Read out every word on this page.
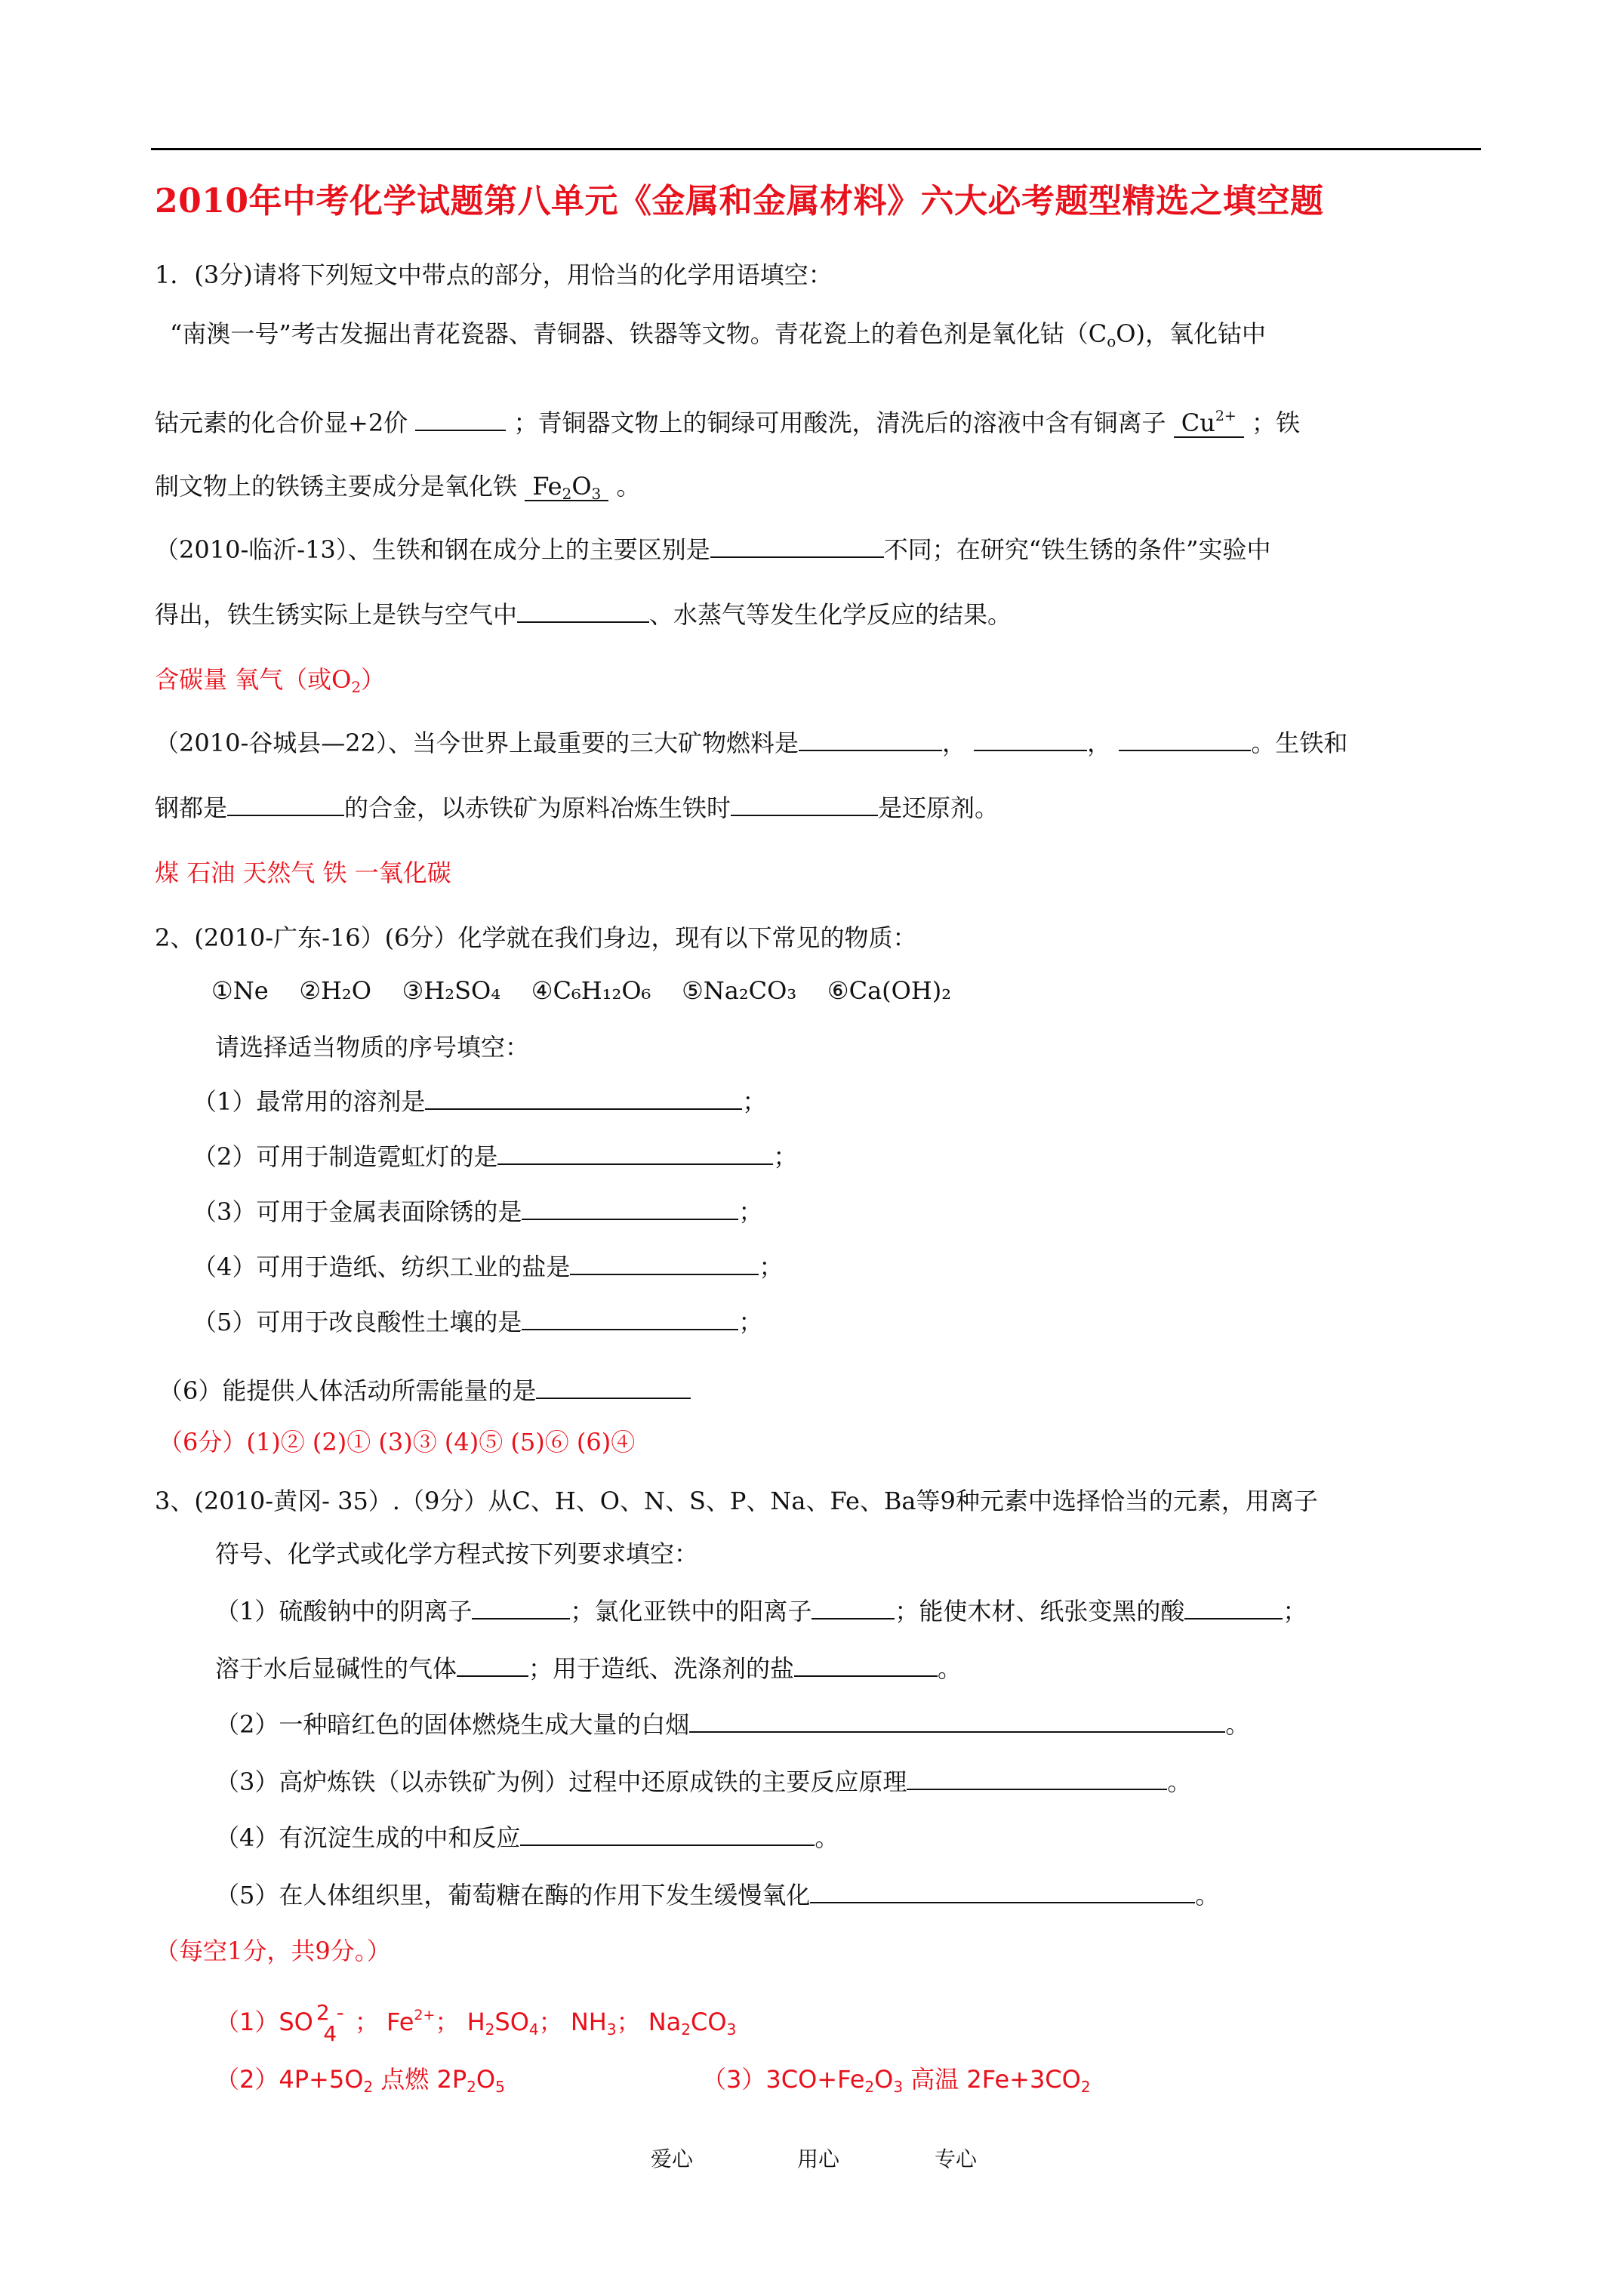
2010年中考化学试题第八单元《金属和金属材料》六大必考题型精选之填空题
1．(3分)请将下列短文中带点的部分，用恰当的化学用语填空：
“南澳一号”考古发掘出青花瓷器、青铜器、铁器等文物。青花瓷上的着色剂是氧化钴$(C_oO)$，氧化钴中
钴元素的化合价显+2价	；青铜器文物上的铜绿可用酸洗，清洗后的溶液中含有铜离子 $Cu^{2+}$ ；铁
制文物上的铁锈主要成分是氧化铁 $Fe_2O_3$ 。
（2010-临沂-13）、生铁和钢在成分上的主要区别是	不同；在研究“铁生锈的条件”实验中
得出，铁生锈实际上是铁与空气中	、水蒸气等发生化学反应的结果。
含碳量 氧气（或$O_2$）
（2010-谷城县—22）、当今世界上最重要的三大矿物燃料是	，	，	。生铁和
钢都是	的合金，以赤铁矿为原料冶炼生铁时	是还原剂。
煤 石油 天然气 铁 一氧化碳
2、(2010-广东-16）(6分）化学就在我们身边，现有以下常见的物质：
①Ne ②H₂O ③H₂SO₄ ④C₆H₁₂O₆ ⑤Na₂CO₃ ⑥Ca(OH)₂
请选择适当物质的序号填空：
（1）最常用的溶剂是	；
（2）可用于制造霓虹灯的是	；
（3）可用于金属表面除锈的是	；
（4）可用于造纸、纺织工业的盐是	；
（5）可用于改良酸性土壤的是	；
（6）能提供人体活动所需能量的是
（6分）(1)② (2)① (3)③ (4)⑤ (5)⑥ (6)④
3、(2010-黄冈- 35）.（9分）从C、H、O、N、S、P、Na、Fe、Ba等9种元素中选择恰当的元素，用离子
符号、化学式或化学方程式按下列要求填空：
（1）硫酸钠中的阴离子	；氯化亚铁中的阳离子	；能使木材、纸张变黑的酸	；
溶于水后显碱性的气体	；用于造纸、洗涤剂的盐	。
（2）一种暗红色的固体燃烧生成大量的白烟	。
（3）高炉炼铁（以赤铁矿为例）过程中还原成铁的主要反应原理	。
（4）有沉淀生成的中和反应	。
（5）在人体组织里，葡萄糖在酶的作用下发生缓慢氧化	。
（每空1分，共9分。）
（1）SO 2 -
4 ； $Fe^{2+}$； $H_2SO_4$； $NH_3$； $Na_2CO_3$
$(2)4P+5O_2$ 点燃 $2P_2O_5$	$(3)3CO+Fe_2O_3$ 高温 $2Fe+3CO_2$
爱心	用心	专心
